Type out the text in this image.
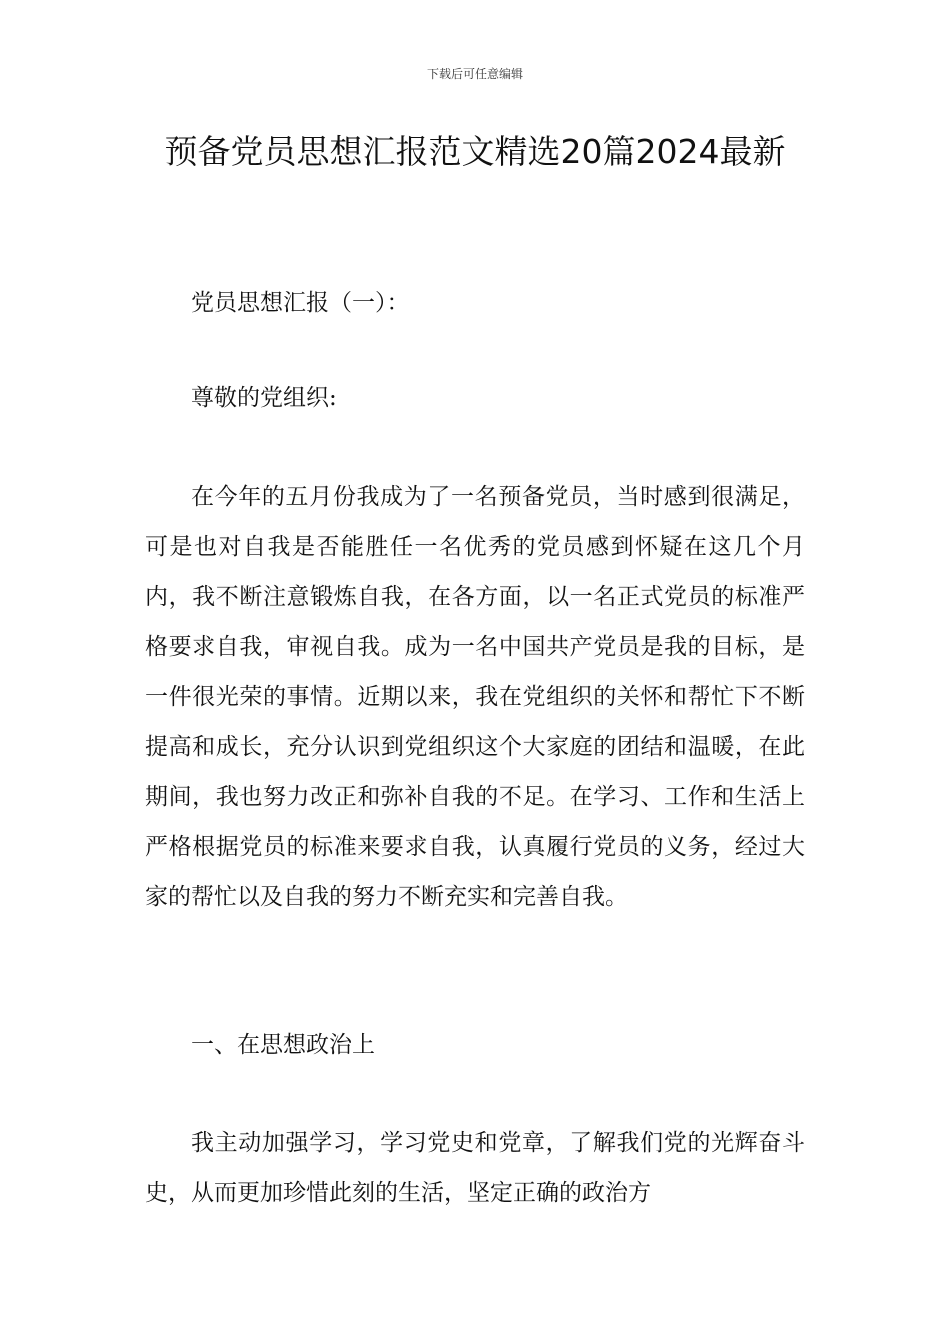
下载后可任意编辑
预备党员思想汇报范文精选20篇2024最新

党员思想汇报（一）：

尊敬的党组织:

在今年的五月份我成为了一名预备党员，当时感到很满足，可是也对自我是否能胜任一名优秀的党员感到怀疑在这几个月内，我不断注意锻炼自我，在各方面，以一名正式党员的标准严格要求自我，审视自我。成为一名中国共产党员是我的目标，是一件很光荣的事情。近期以来，我在党组织的关怀和帮忙下不断提高和成长，充分认识到党组织这个大家庭的团结和温暖，在此期间，我也努力改正和弥补自我的不足。在学习、工作和生活上严格根据党员的标准来要求自我，认真履行党员的义务，经过大家的帮忙以及自我的努力不断充实和完善自我。

一、在思想政治上

我主动加强学习，学习党史和党章，了解我们党的光辉奋斗史，从而更加珍惜此刻的生活，坚定正确的政治方
